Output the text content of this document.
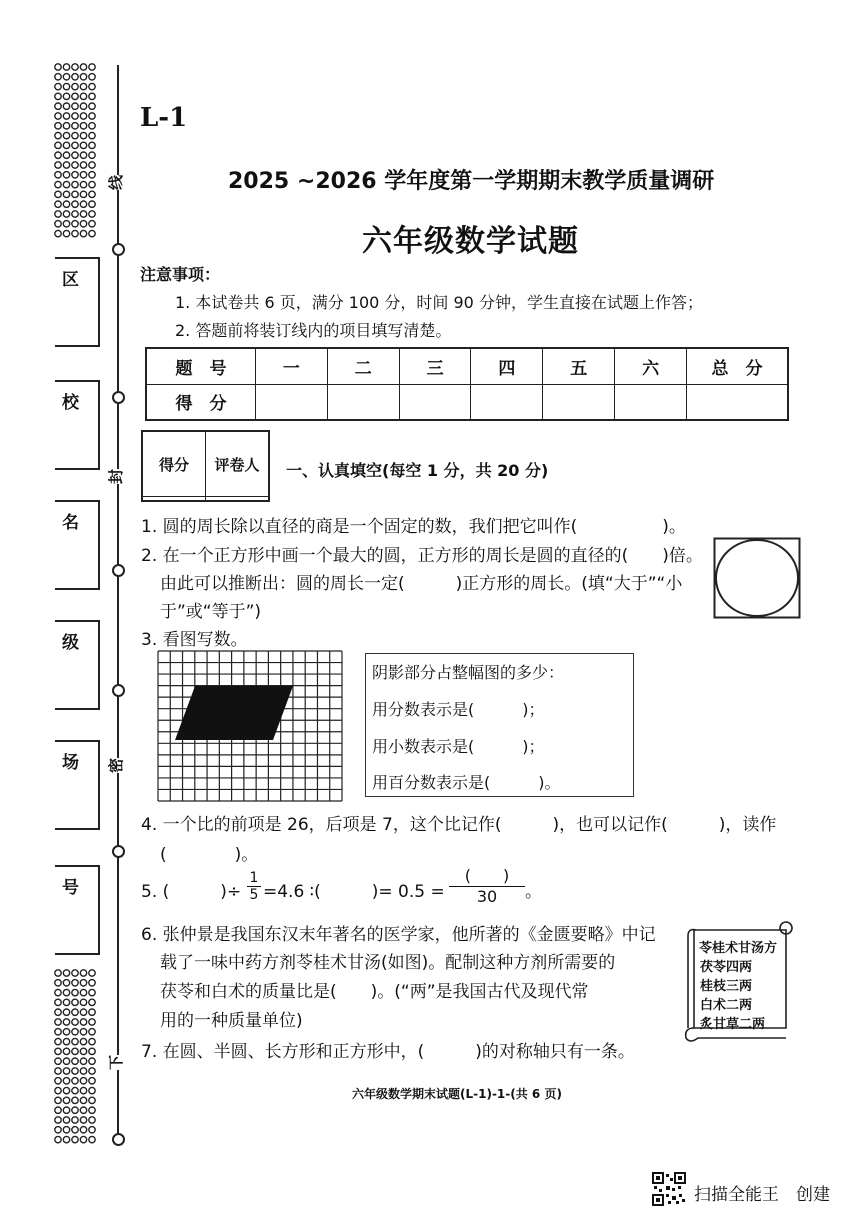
线
封
密
下
区
校
名
级
场
号
L-1
2025 ~2026 学年度第一学期期末教学质量调研
六年级数学试题
注意事项：
1. 本试卷共 6 页，满分 100 分，时间 90 分钟，学生直接在试题上作答；
2. 答题前将装订线内的项目填写清楚。
题　号	一	二	三	四	五	六	总　分
得　分							
得分	评卷人
	一、认真填空(每空 1 分，共 20 分)
1. 圆的周长除以直径的商是一个固定的数，我们把它叫作(　　　　　)。
2. 在一个正方形中画一个最大的圆，正方形的周长是圆的直径的(　　)倍。
由此可以推断出：圆的周长一定(　　　)正方形的周长。(填“大于”“小
于”或“等于”)
3. 看图写数。
阴影部分占整幅图的多少：
用分数表示是(　　　)；
用小数表示是(　　　)；
用百分数表示是(　　　)。
4. 一个比的前项是 26，后项是 7，这个比记作(　　　)，也可以记作(　　　)，读作
(　　　　)。
5. (　　　)÷ $\frac{1}{5} =4.6$ ∶(　　　)= 0.5 =
(　　)
30	。
6. 张仲景是我国东汉末年著名的医学家，他所著的《金匮要略》中记
载了一味中药方剂苓桂术甘汤(如图)。配制这种方剂所需要的
茯苓和白术的质量比是(　　)。(“两”是我国古代及现代常
用的一种质量单位)
苓桂术甘汤方
茯苓四两
桂枝三两
白术二两
炙甘草二两
7. 在圆、半圆、长方形和正方形中，(　　　)的对称轴只有一条。
六年级数学期末试题(L-1)-1-(共 6 页)
扫描全能王　创建
